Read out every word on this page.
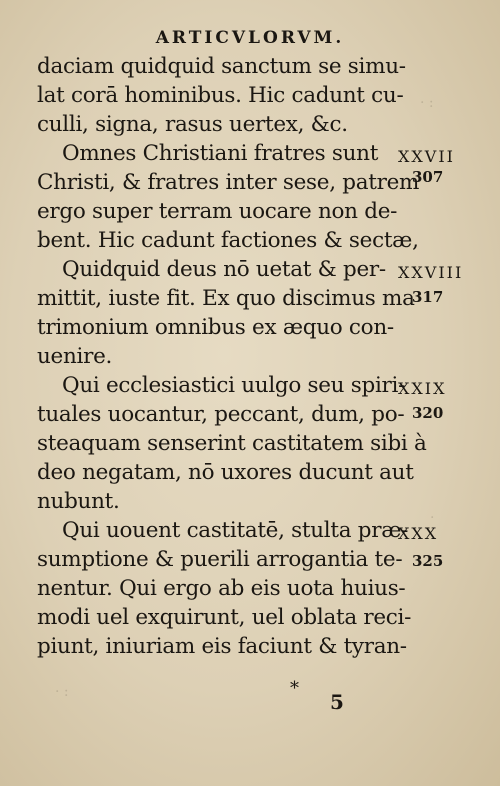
ARTICVLORVM.
daciam quidquid sanctum se simu-
lat corā hominibus. Hic cadunt cu-
culli, signa, rasus uertex, &c.
Omnes Christiani fratres sunt
Christi, & fratres inter sese, patrem
ergo super terram uocare non de-
bent. Hic cadunt factiones & sectæ,
Quidquid deus nō uetat & per-
mittit, iuste fit. Ex quo discimus ma
trimonium omnibus ex æquo con-
uenire.
Qui ecclesiastici uulgo seu spiri-
tuales uocantur, peccant, dum, po-
steaquam senserint castitatem sibi à
deo negatam, nō uxores ducunt aut
nubunt.
Qui uouent castitatē, stulta præ-
sumptione & puerili arrogantia te-
nentur. Qui ergo ab eis uota huius-
modi uel exquirunt, uel oblata reci-
piunt, iniuriam eis faciunt & tyran-
XXVII
307
XXVIII
317
XXIX
320
XXX
325
· :
·
· :	*
5
